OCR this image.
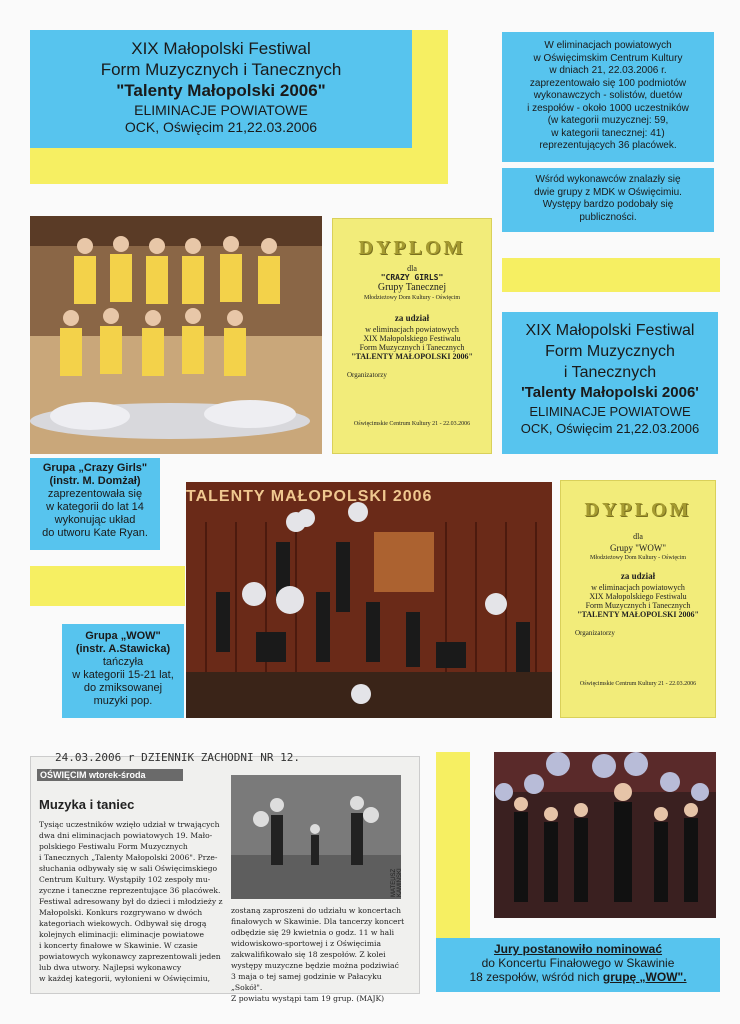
XIX Małopolski Festiwal
Form Muzycznych i Tanecznych
"Talenty Małopolski 2006"
ELIMINACJE POWIATOWE
OCK, Oświęcim 21,22.03.2006
W eliminacjach powiatowych
w Oświęcimskim Centrum Kultury
w dniach 21, 22.03.2006 r.
zaprezentowało się 100 podmiotów
wykonawczych - solistów, duetów
i zespołów - około 1000 uczestników
(w kategorii muzycznej: 59,
w kategorii tanecznej: 41)
reprezentujących 36 placówek.
Wśród wykonawców znalazły się
dwie grupy z MDK w Oświęcimiu.
Występy bardzo podobały się
publiczności.
DYPLOM
dla
"CRAZY GIRLS"
Grupy Tanecznej
Młodzieżowy Dom Kultury - Oświęcim
za udział
w eliminacjach powiatowych
XIX Małopolskiego Festiwalu
Form Muzycznych i Tanecznych
"TALENTY MAŁOPOLSKI 2006"
Organizatorzy
Oświęcimskie Centrum Kultury 21 - 22.03.2006
XIX Małopolski Festiwal
Form Muzycznych
i Tanecznych
'Talenty Małopolski 2006'
ELIMINACJE POWIATOWE
OCK, Oświęcim 21,22.03.2006
Grupa „Crazy Girls"
(instr. M. Domżał)
zaprezentowała się
w kategorii do lat 14
wykonując układ
do utworu Kate Ryan.
TALENTY MAŁOPOLSKI 2006
DYPLOM
dla
Grupy "WOW"
Młodzieżowy Dom Kultury - Oświęcim
za udział
w eliminacjach powiatowych
XIX Małopolskiego Festiwalu
Form Muzycznych i Tanecznych
"TALENTY MAŁOPOLSKI 2006"
Organizatorzy
Oświęcimskie Centrum Kultury 21 - 22.03.2006
Grupa „WOW"
(instr. A.Stawicka)
tańczyła
w kategorii 15-21 lat,
do zmiksowanej
muzyki pop.
24.03.2006 r DZIENNIK ZACHODNI NR 12.
OŚWIĘCIM wtorek-środa
Muzyka i taniec
Tysiąc uczestników wzięło udział w trwających
dwa dni eliminacjach powiatowych 19. Mało-
polskiego Festiwalu Form Muzycznych
i Tanecznych „Talenty Małopolski 2006". Prze-
słuchania odbywały się w sali Oświęcimskiego
Centrum Kultury. Wystąpiły 102 zespoły mu-
zyczne i taneczne reprezentujące 36 placówek.
Festiwal adresowany był do dzieci i młodzieży z
Małopolski. Konkurs rozgrywano w dwóch
kategoriach wiekowych. Odbywał się drogą
kolejnych eliminacji: eliminacje powiatowe
i koncerty finałowe w Skawinie. W czasie
powiatowych wykonawcy zaprezentowali jeden
lub dwa utwory. Najlepsi wykonawcy
w każdej kategorii, wyłonieni w Oświęcimiu,
MATEUSZ KAMIŃSKI
zostaną zaproszeni do udziału w koncertach
finałowych w Skawinie. Dla tancerzy koncert
odbędzie się 29 kwietnia o godz. 11 w hali
widowiskowo-sportowej i z Oświęcimia
zakwalifikowało się 18 zespołów. Z kolei
występy muzyczne będzie można podziwiać
3 maja o tej samej godzinie w Pałacyku „Sokół".
Z powiatu wystąpi tam 19 grup. (MAJK)
Jury postanowiło nominować
do Koncertu Finałowego w Skawinie
18 zespołów, wśród nich grupę „WOW".
